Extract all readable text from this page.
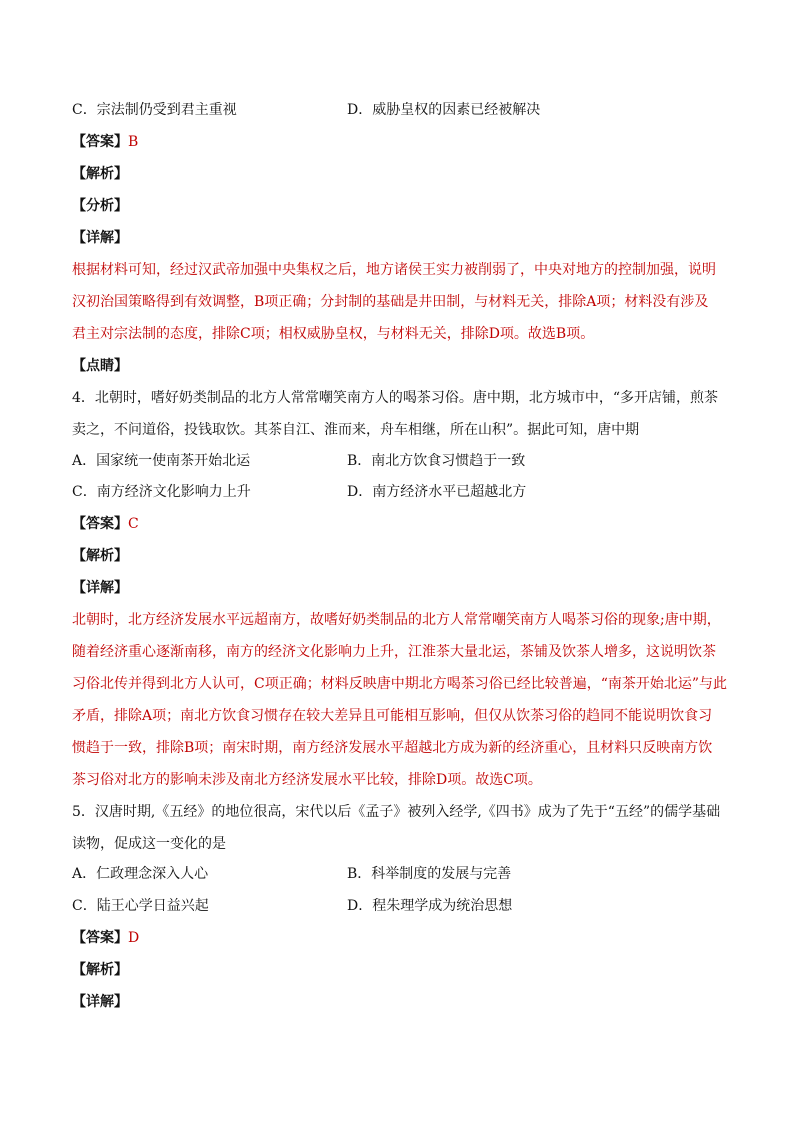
C．宗法制仍受到君主重视	D．威胁皇权的因素已经被解决
【答案】B
【解析】
【分析】
【详解】
根据材料可知，经过汉武帝加强中央集权之后，地方诸侯王实力被削弱了，中央对地方的控制加强，说明
汉初治国策略得到有效调整，B项正确；分封制的基础是井田制，与材料无关，排除A项；材料没有涉及
君主对宗法制的态度，排除C项；相权威胁皇权，与材料无关，排除D项。故选B项。
【点睛】
4．北朝时，嗜好奶类制品的北方人常常嘲笑南方人的喝茶习俗。唐中期，北方城市中，“多开店铺，煎茶
卖之，不问道俗，投钱取饮。其茶自江、淮而来，舟车相继，所在山积”。据此可知，唐中期
A．国家统一使南茶开始北运	B．南北方饮食习惯趋于一致
C．南方经济文化影响力上升	D．南方经济水平已超越北方
【答案】C
【解析】
【详解】
北朝时，北方经济发展水平远超南方，故嗜好奶类制品的北方人常常嘲笑南方人喝茶习俗的现象;唐中期，
随着经济重心逐渐南移，南方的经济文化影响力上升，江淮茶大量北运，茶铺及饮茶人增多，这说明饮茶
习俗北传并得到北方人认可，C项正确；材料反映唐中期北方喝茶习俗已经比较普遍，“南茶开始北运”与此
矛盾，排除A项；南北方饮食习惯存在较大差异且可能相互影响，但仅从饮茶习俗的趋同不能说明饮食习
惯趋于一致，排除B项；南宋时期，南方经济发展水平超越北方成为新的经济重心，且材料只反映南方饮
茶习俗对北方的影响未涉及南北方经济发展水平比较，排除D项。故选C项。
5．汉唐时期,《五经》的地位很高，宋代以后《孟子》被列入经学,《四书》成为了先于“五经”的儒学基础
读物，促成这一变化的是
A．仁政理念深入人心	B．科举制度的发展与完善
C．陆王心学日益兴起	D．程朱理学成为统治思想
【答案】D
【解析】
【详解】
